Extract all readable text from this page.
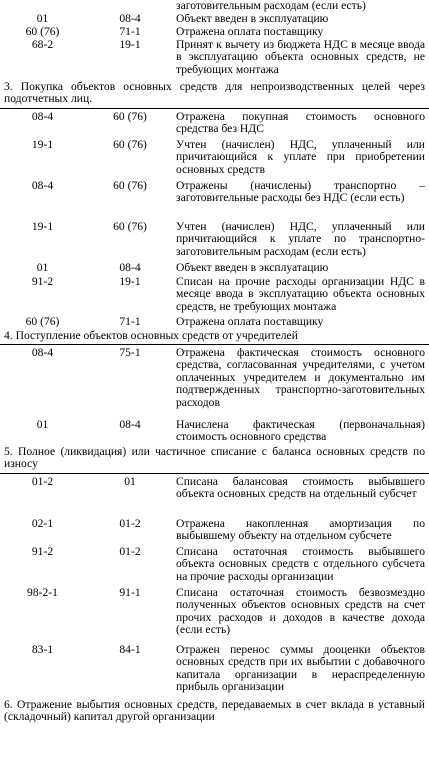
заготовительным расходам (если есть)
01	08-4	Объект введен в эксплуатацию
60 (76)	71-1	Отражена оплата поставщику
68-2	19-1	Принят к вычету из бюджета НДС в месяце ввода в эксплуатацию объекта основных средств, не требующих монтажа
3. Покупка объектов основных средств для непроизводственных целей через подотчетных лиц.
08-4	60 (76)	Отражена покупная стоимость основного средства без НДС
19-1	60 (76)	Учтен (начислен) НДС, уплаченный или причитающийся к уплате при приобретении основных средств
08-4	60 (76)	Отражены (начислены) транспортно – заготовительные расходы без НДС (если есть)
19-1	60 (76)	Учтен (начислен) НДС, уплаченный или причитающийся к уплате по транспортно-заготовительным расходам (если есть)
01	08-4	Объект введен в эксплуатацию
91-2	19-1	Списан на прочие расходы организации НДС в месяце ввода в эксплуатацию объекта основных средств, не требующих монтажа
60 (76)	71-1	Отражена оплата поставщику
4. Поступление объектов основных средств от учредителей
08-4	75-1	Отражена фактическая стоимость основного средства, согласованная учредителями, с учетом оплаченных учредителем и документально им подтвержденных транспортно-заготовительных расходов
01	08-4	Начислена фактическая (первоначальная) стоимость основного средства
5. Полное (ликвидация) или частичное списание с баланса основных средств по износу
01-2	01	Списана балансовая стоимость выбывшего объекта основных средств на отдельный субсчет
02-1	01-2	Отражена накопленная амортизация по выбывшему объекту на отдельном субсчете
91-2	01-2	Списана остаточная стоимость выбывшего объекта основных средств с отдельного субсчета на прочие расходы организации
98-2-1	91-1	Списана остаточная стоимость безвозмездно полученных объектов основных средств на счет прочих расходов и доходов в качестве дохода (если есть)
83-1	84-1	Отражен перенос суммы дооценки объектов основных средств при их выбытии с добавочного капитала организации в нераспределенную прибыль организации
6. Отражение выбытия основных средств, передаваемых в счет вклада в уставный (складочный) капитал другой организации
